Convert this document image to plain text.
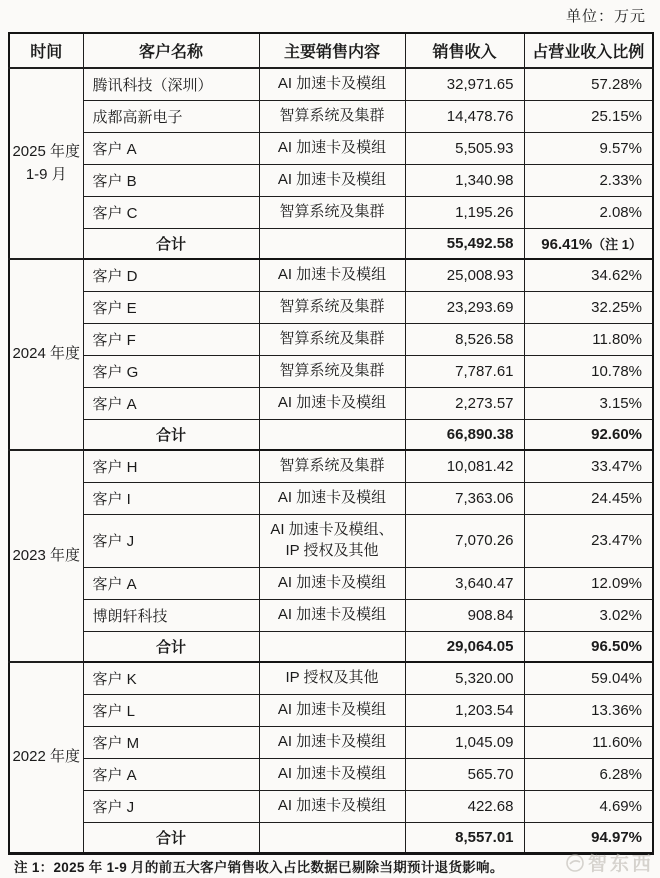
单位：万元
时间	客户名称	主要销售内容	销售收入	占营业收入比例
2025 年度
1-9 月	腾讯科技（深圳）	AI 加速卡及模组	32,971.65	57.28%
	成都高新电子	智算系统及集群	14,478.76	25.15%
	客户 A	AI 加速卡及模组	5,505.93	9.57%
	客户 B	AI 加速卡及模组	1,340.98	2.33%
	客户 C	智算系统及集群	1,195.26	2.08%
	合计		55,492.58	96.41%（注 1）
2024 年度	客户 D	AI 加速卡及模组	25,008.93	34.62%
	客户 E	智算系统及集群	23,293.69	32.25%
	客户 F	智算系统及集群	8,526.58	11.80%
	客户 G	智算系统及集群	7,787.61	10.78%
	客户 A	AI 加速卡及模组	2,273.57	3.15%
	合计		66,890.38	92.60%
2023 年度	客户 H	智算系统及集群	10,081.42	33.47%
	客户 I	AI 加速卡及模组	7,363.06	24.45%
	客户 J	AI 加速卡及模组、IP 授权及其他	7,070.26	23.47%
	客户 A	AI 加速卡及模组	3,640.47	12.09%
	博朗轩科技	AI 加速卡及模组	908.84	3.02%
	合计		29,064.05	96.50%
2022 年度	客户 K	IP 授权及其他	5,320.00	59.04%
	客户 L	AI 加速卡及模组	1,203.54	13.36%
	客户 M	AI 加速卡及模组	1,045.09	11.60%
	客户 A	AI 加速卡及模组	565.70	6.28%
	客户 J	AI 加速卡及模组	422.68	4.69%
	合计		8,557.01	94.97%
注 1：2025 年 1-9 月的前五大客户销售收入占比数据已剔除当期预计退货影响。	智东西
